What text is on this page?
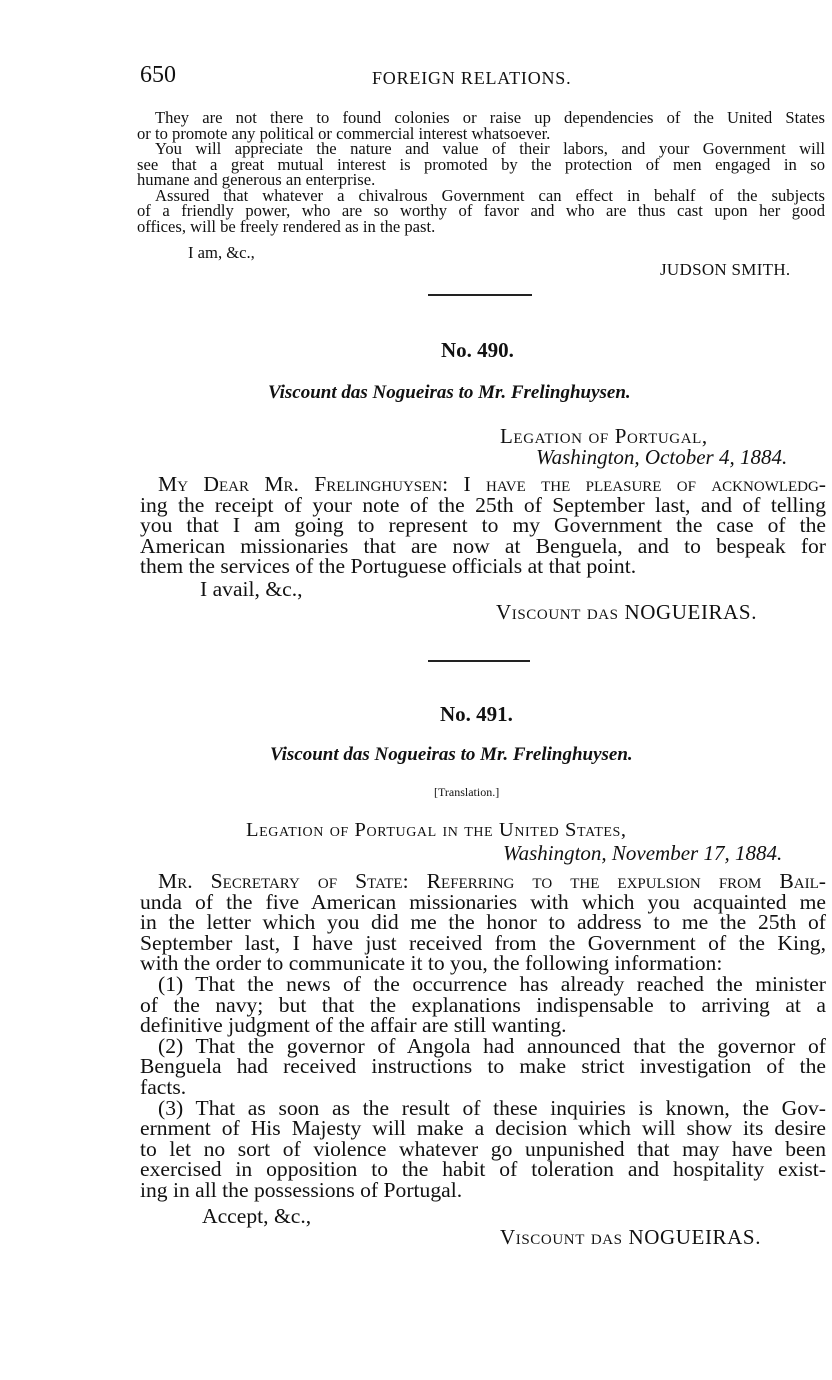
650	FOREIGN RELATIONS.

They are not there to found colonies or raise up dependencies of the United States

or to promote any political or commercial interest whatsoever.

You will appreciate the nature and value of their labors, and your Government will

see that a great mutual interest is promoted by the protection of men engaged in so

humane and generous an enterprise.

Assured that whatever a chivalrous Government can effect in behalf of the subjects

of a friendly power, who are so worthy of favor and who are thus cast upon her good

offices, will be freely rendered as in the past.

I am, &c.,
JUDSON SMITH.
No. 490.
Viscount das Nogueiras to Mr. Frelinghuysen.
Legation of Portugal,
Washington, October 4, 1884.

My Dear Mr. Frelinghuysen: I have the pleasure of acknowledg-

ing the receipt of your note of the 25th of September last, and of telling

you that I am going to represent to my Government the case of the

American missionaries that are now at Benguela, and to bespeak for

them the services of the Portuguese officials at that point.

I avail, &c.,
Viscount das NOGUEIRAS.
No. 491.
Viscount das Nogueiras to Mr. Frelinghuysen.
[Translation.]
Legation of Portugal in the United States,
Washington, November 17, 1884.

Mr. Secretary of State: Referring to the expulsion from Bail-

unda of the five American missionaries with which you acquainted me

in the letter which you did me the honor to address to me the 25th of

September last, I have just received from the Government of the King,

with the order to communicate it to you, the following information:

(1) That the news of the occurrence has already reached the minister

of the navy; but that the explanations indispensable to arriving at a

definitive judgment of the affair are still wanting.

(2) That the governor of Angola had announced that the governor of

Benguela had received instructions to make strict investigation of the

facts.

(3) That as soon as the result of these inquiries is known, the Gov-

ernment of His Majesty will make a decision which will show its desire

to let no sort of violence whatever go unpunished that may have been

exercised in opposition to the habit of toleration and hospitality exist-

ing in all the possessions of Portugal.

Accept, &c.,
Viscount das NOGUEIRAS.
